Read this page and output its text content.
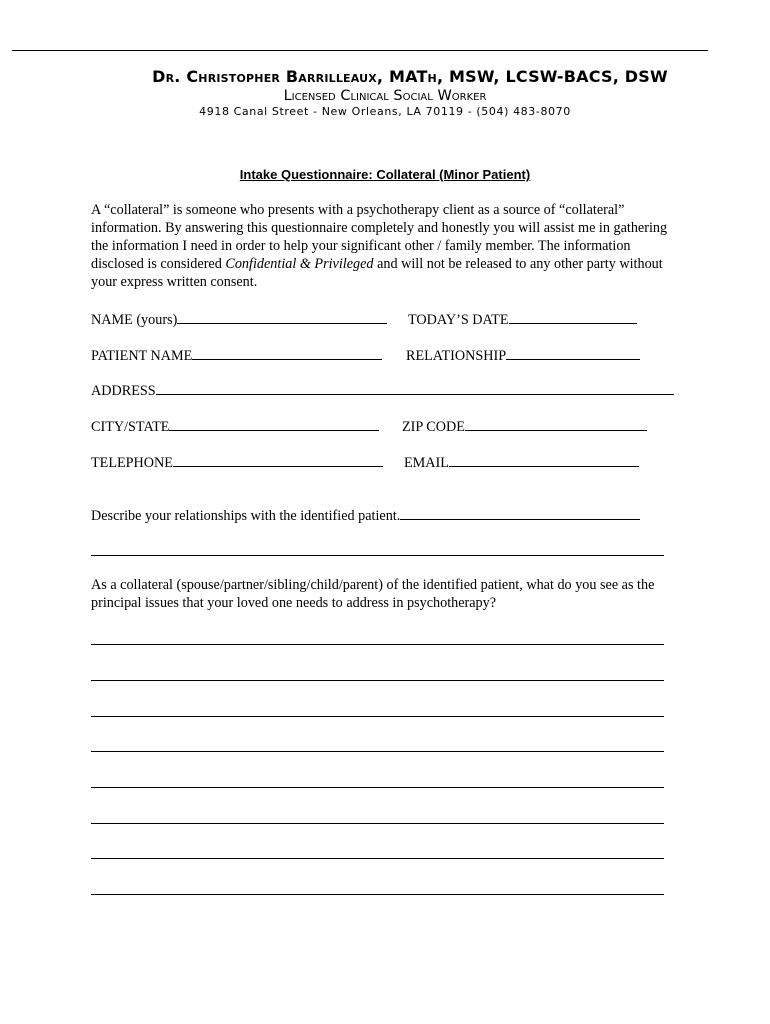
Dr. Christopher Barrilleaux, MATh, MSW, LCSW-BACS, DSW
Licensed Clinical Social Worker
4918 Canal Street - New Orleans, LA 70119 - (504) 483-8070
Intake Questionnaire: Collateral (Minor Patient)
A “collateral” is someone who presents with a psychotherapy client as a source of “collateral” information. By answering this questionnaire completely and honestly you will assist me in gathering the information I need in order to help your significant other / family member. The information disclosed is considered Confidential & Privileged and will not be released to any other party without your express written consent.
NAME (yours)	TODAY’S DATE
PATIENT NAME	RELATIONSHIP
ADDRESS
CITY/STATE	ZIP CODE
TELEPHONE	EMAIL
Describe your relationships with the identified patient.
As a collateral (spouse/partner/sibling/child/parent) of the identified patient, what do you see as the principal issues that your loved one needs to address in psychotherapy?
